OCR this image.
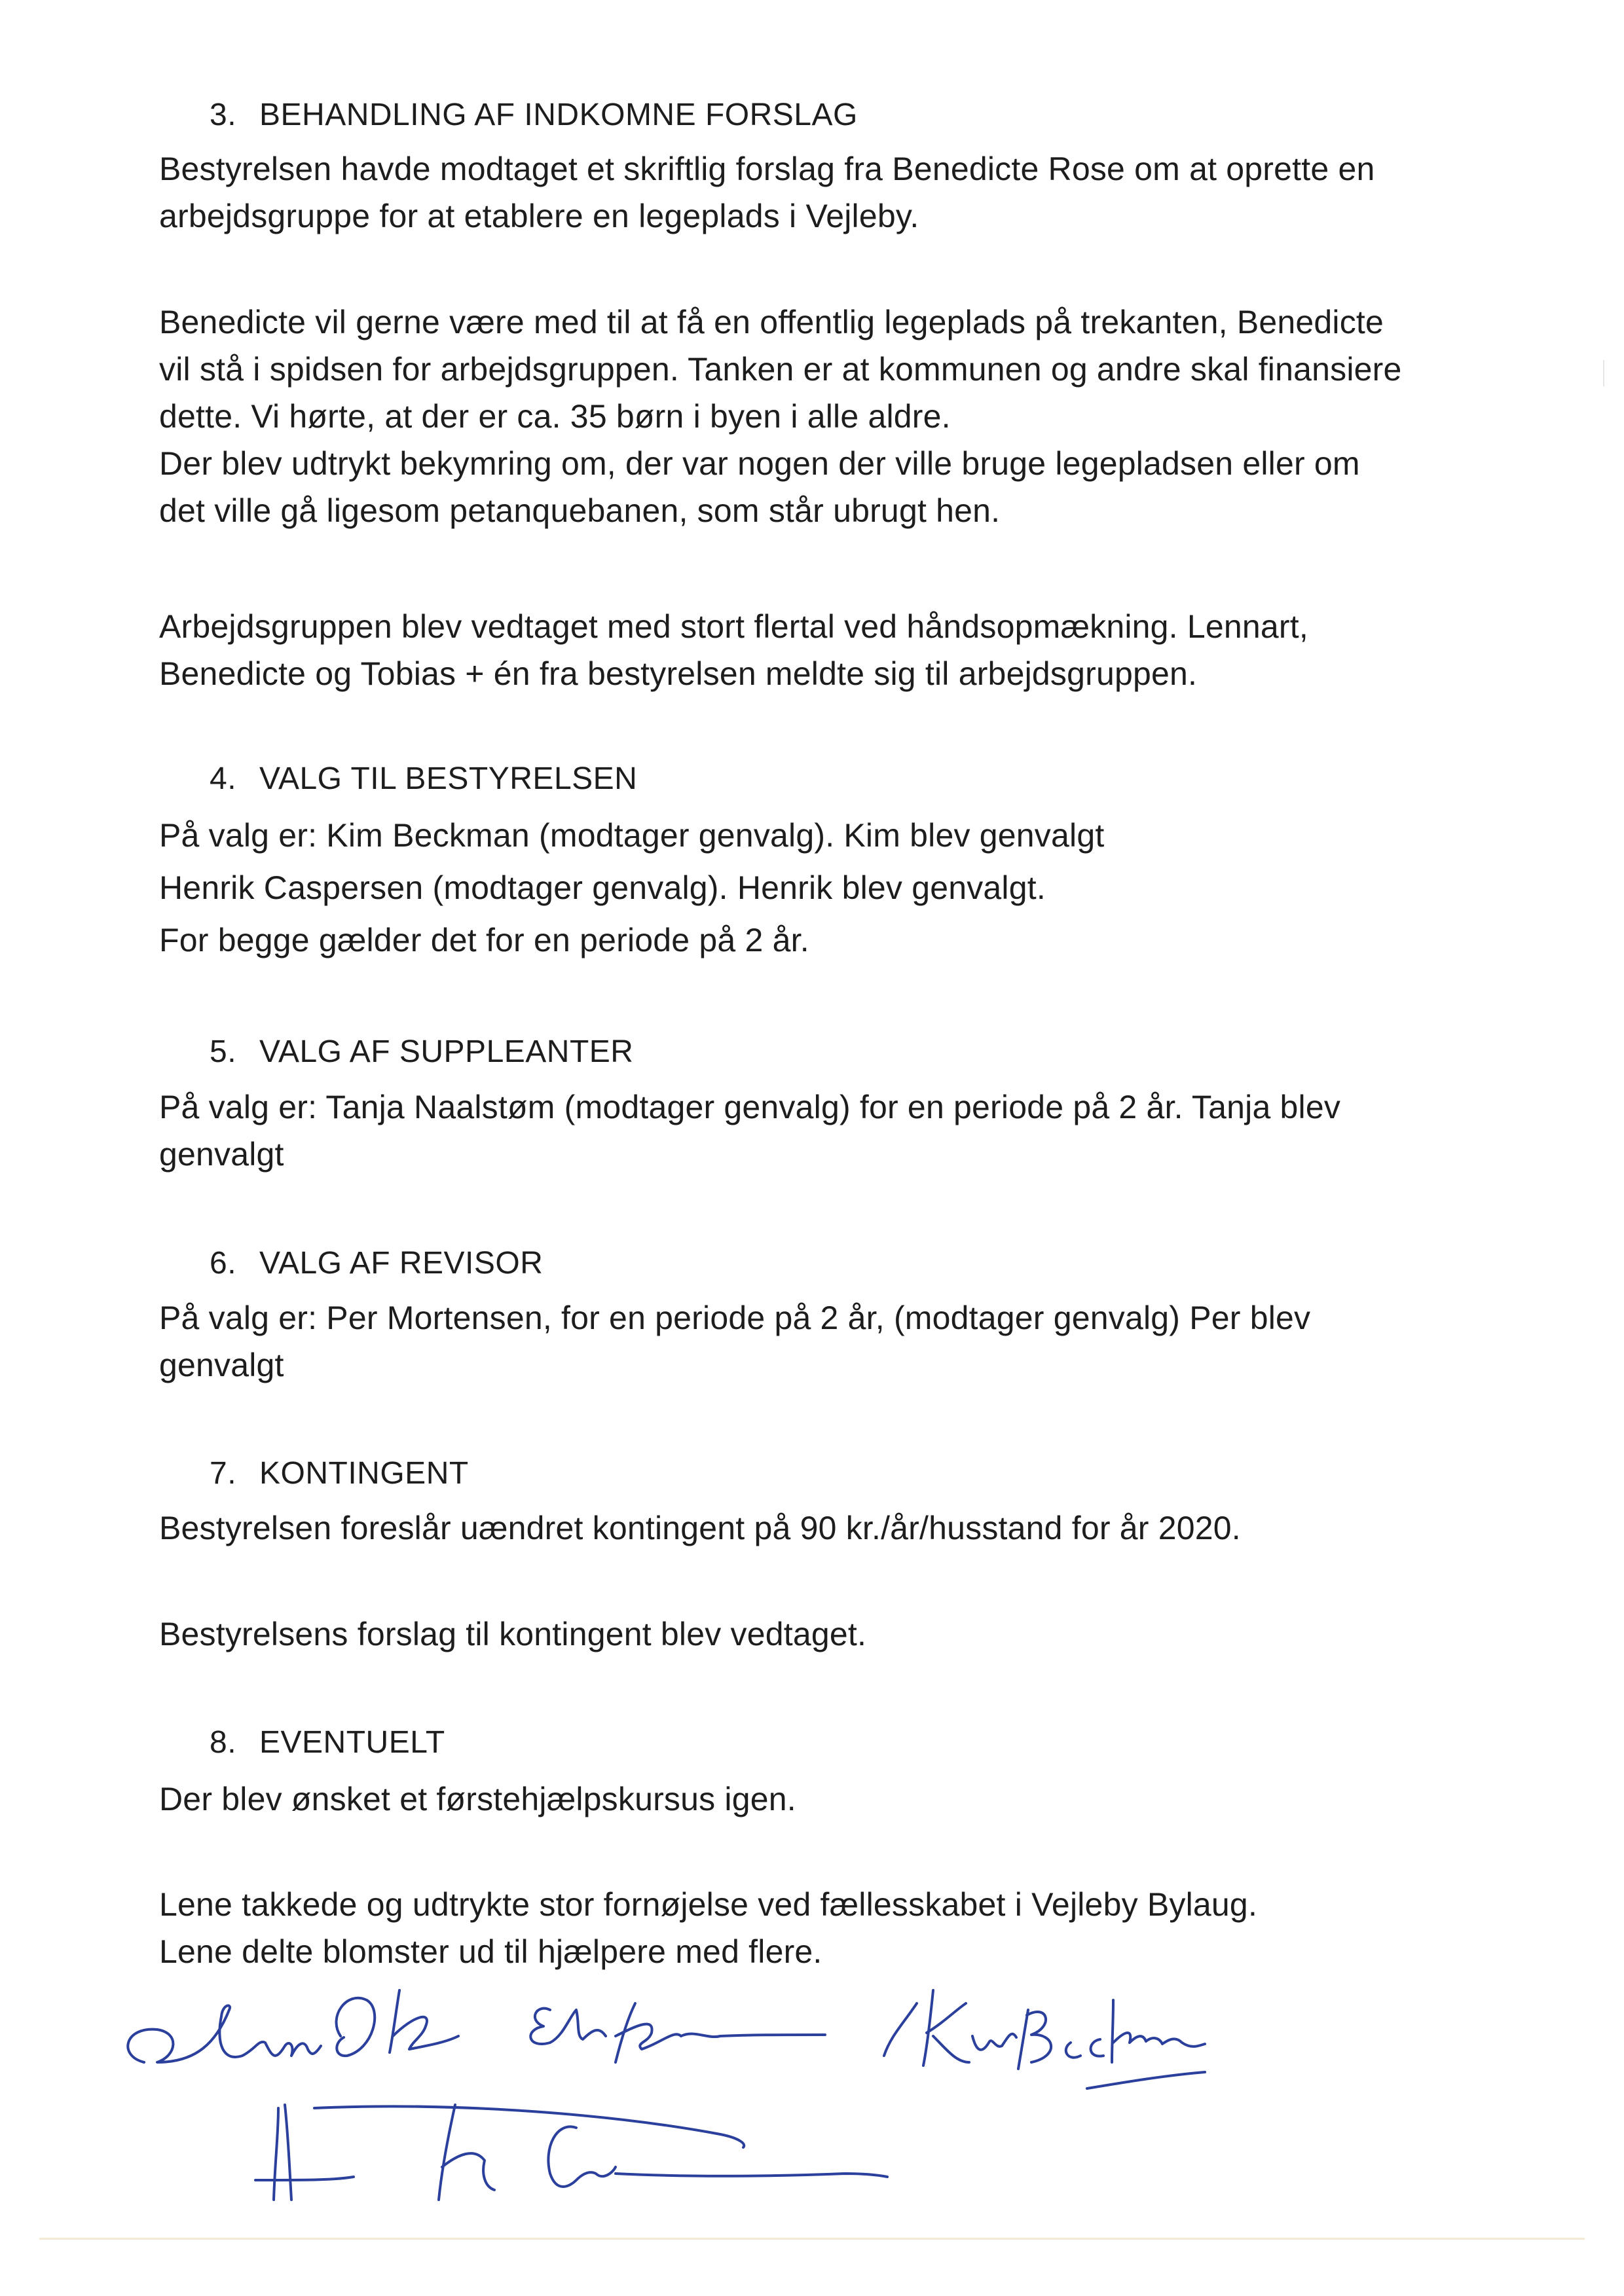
3. BEHANDLING AF INDKOMNE FORSLAG

Bestyrelsen havde modtaget et skriftlig forslag fra Benedicte Rose om at oprette en

arbejdsgruppe for at etablere en legeplads i Vejleby.

Benedicte vil gerne være med til at få en offentlig legeplads på trekanten, Benedicte

vil stå i spidsen for arbejdsgruppen. Tanken er at kommunen og andre skal finansiere

dette. Vi hørte, at der er ca. 35 børn i byen i alle aldre.

Der blev udtrykt bekymring om, der var nogen der ville bruge legepladsen eller om

det ville gå ligesom petanquebanen, som står ubrugt hen.

Arbejdsgruppen blev vedtaget med stort flertal ved håndsopmækning. Lennart,

Benedicte og Tobias + én fra bestyrelsen meldte sig til arbejdsgruppen.

4. VALG TIL BESTYRELSEN

På valg er: Kim Beckman (modtager genvalg). Kim blev genvalgt

Henrik Caspersen (modtager genvalg). Henrik blev genvalgt.

For begge gælder det for en periode på 2 år.

5. VALG AF SUPPLEANTER

På valg er: Tanja Naalstøm (modtager genvalg) for en periode på 2 år. Tanja blev

genvalgt

6. VALG AF REVISOR

På valg er: Per Mortensen, for en periode på 2 år, (modtager genvalg) Per blev

genvalgt

7. KONTINGENT

Bestyrelsen foreslår uændret kontingent på 90 kr./år/husstand for år 2020.

Bestyrelsens forslag til kontingent blev vedtaget.

8. EVENTUELT

Der blev ønsket et førstehjælpskursus igen.

Lene takkede og udtrykte stor fornøjelse ved fællesskabet i Vejleby Bylaug.

Lene delte blomster ud til hjælpere med flere.
